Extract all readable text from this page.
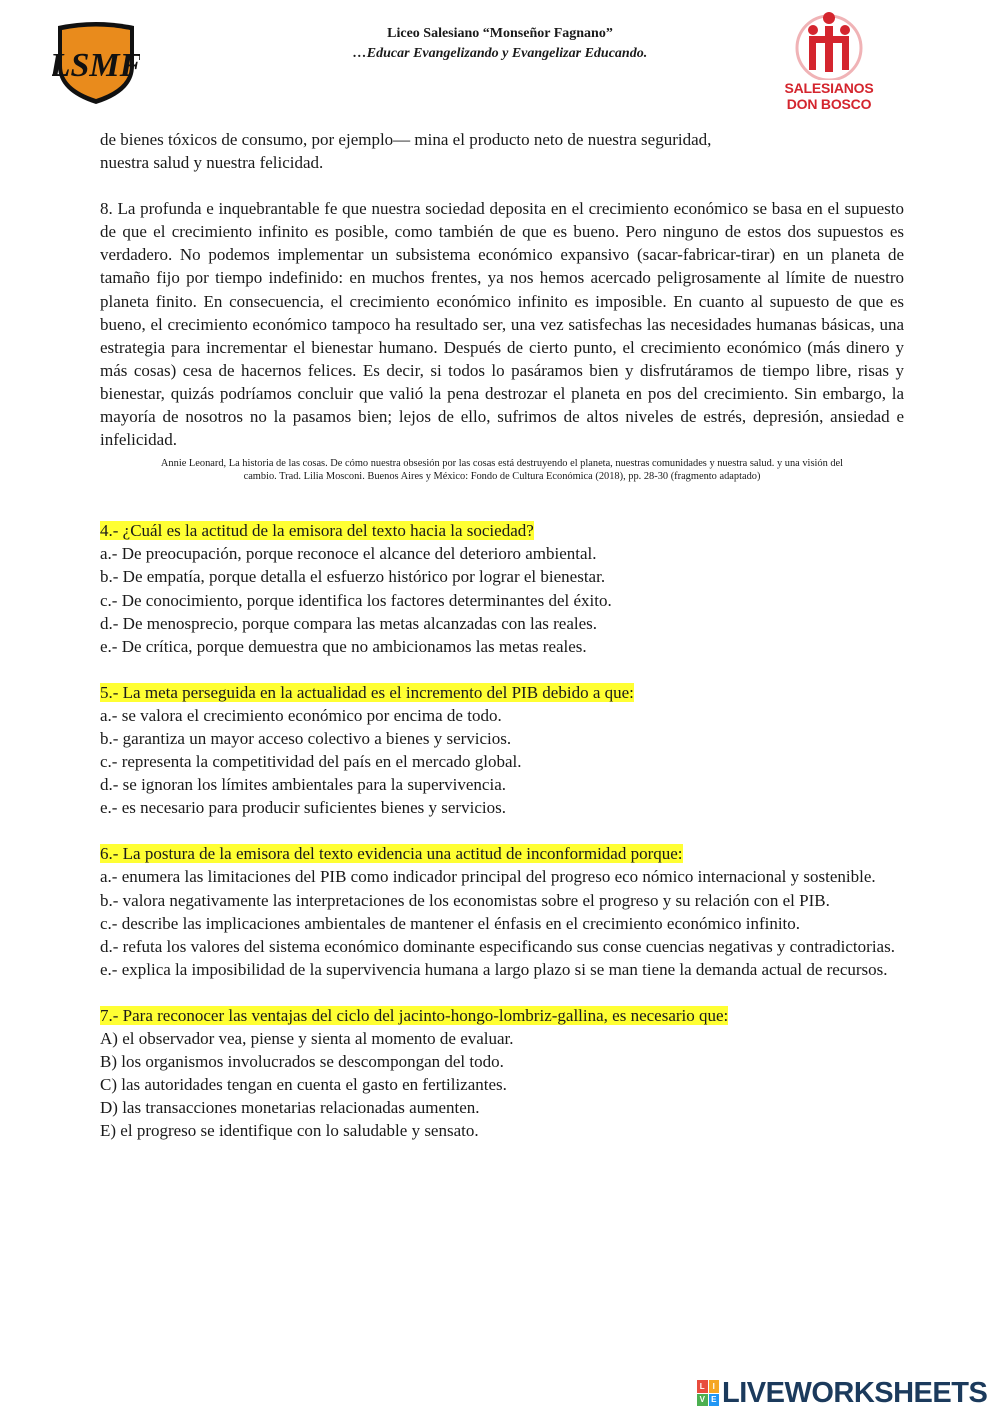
LSMF
Liceo Salesiano “Monseñor Fagnano”
…Educar Evangelizando y Evangelizar Educando.
SALESIANOS
DON BOSCO

de bienes tóxicos de consumo, por ejemplo— mina el producto neto de nuestra seguridad, nuestra salud y nuestra felicidad.

8. La profunda e inquebrantable fe que nuestra sociedad deposita en el crecimiento económico se basa en el supuesto de que el crecimiento infinito es posible, como también de que es bueno. Pero ninguno de estos dos supuestos es verdadero. No podemos implementar un subsistema económico expansivo (sacar-fabricar-tirar) en un planeta de tamaño fijo por tiempo indefinido: en muchos frentes, ya nos hemos acercado peligrosamente al límite de nuestro planeta finito. En consecuencia, el crecimiento económico infinito es imposible. En cuanto al supuesto de que es bueno, el crecimiento económico tampoco ha resultado ser, una vez satisfechas las necesidades humanas básicas, una estrategia para incrementar el bienestar humano. Después de cierto punto, el crecimiento económico (más dinero y más cosas) cesa de hacernos felices. Es decir, si todos lo pasáramos bien y disfrutáramos de tiempo libre, risas y bienestar, quizás podríamos concluir que valió la pena destrozar el planeta en pos del crecimiento. Sin embargo, la mayoría de nosotros no la pasamos bien; lejos de ello, sufrimos de altos niveles de estrés, depresión, ansiedad e infelicidad.

Annie Leonard, La historia de las cosas. De cómo nuestra obsesión por las cosas está destruyendo el planeta, nuestras comunidades y nuestra salud. y una visión del
cambio. Trad. Lilia Mosconi. Buenos Aires y México: Fondo de Cultura Económica (2018), pp. 28-30 (fragmento adaptado)

4.- ¿Cuál es la actitud de la emisora del texto hacia la sociedad?

a.- De preocupación, porque reconoce el alcance del deterioro ambiental.

b.- De empatía, porque detalla el esfuerzo histórico por lograr el bienestar.

c.- De conocimiento, porque identifica los factores determinantes del éxito.

d.- De menosprecio, porque compara las metas alcanzadas con las reales.

e.- De crítica, porque demuestra que no ambicionamos las metas reales.

5.- La meta perseguida en la actualidad es el incremento del PIB debido a que:

a.- se valora el crecimiento económico por encima de todo.

b.- garantiza un mayor acceso colectivo a bienes y servicios.

c.- representa la competitividad del país en el mercado global.

d.- se ignoran los límites ambientales para la supervivencia.

e.- es necesario para producir suficientes bienes y servicios.

6.- La postura de la emisora del texto evidencia una actitud de inconformidad porque:

a.- enumera las limitaciones del PIB como indicador principal del progreso eco nómico internacional y sostenible.

b.- valora negativamente las interpretaciones de los economistas sobre el progreso y su relación con el PIB.

c.- describe las implicaciones ambientales de mantener el énfasis en el crecimiento económico infinito.

d.- refuta los valores del sistema económico dominante especificando sus conse cuencias negativas y contradictorias.

e.- explica la imposibilidad de la supervivencia humana a largo plazo si se man tiene la demanda actual de recursos.

7.- Para reconocer las ventajas del ciclo del jacinto-hongo-lombriz-gallina, es necesario que:

A) el observador vea, piense y sienta al momento de evaluar.

B) los organismos involucrados se descompongan del todo.

C) las autoridades tengan en cuenta el gasto en fertilizantes.

D) las transacciones monetarias relacionadas aumenten.

E) el progreso se identifique con lo saludable y sensato.

L I
V E LIVEWORKSHEETS
